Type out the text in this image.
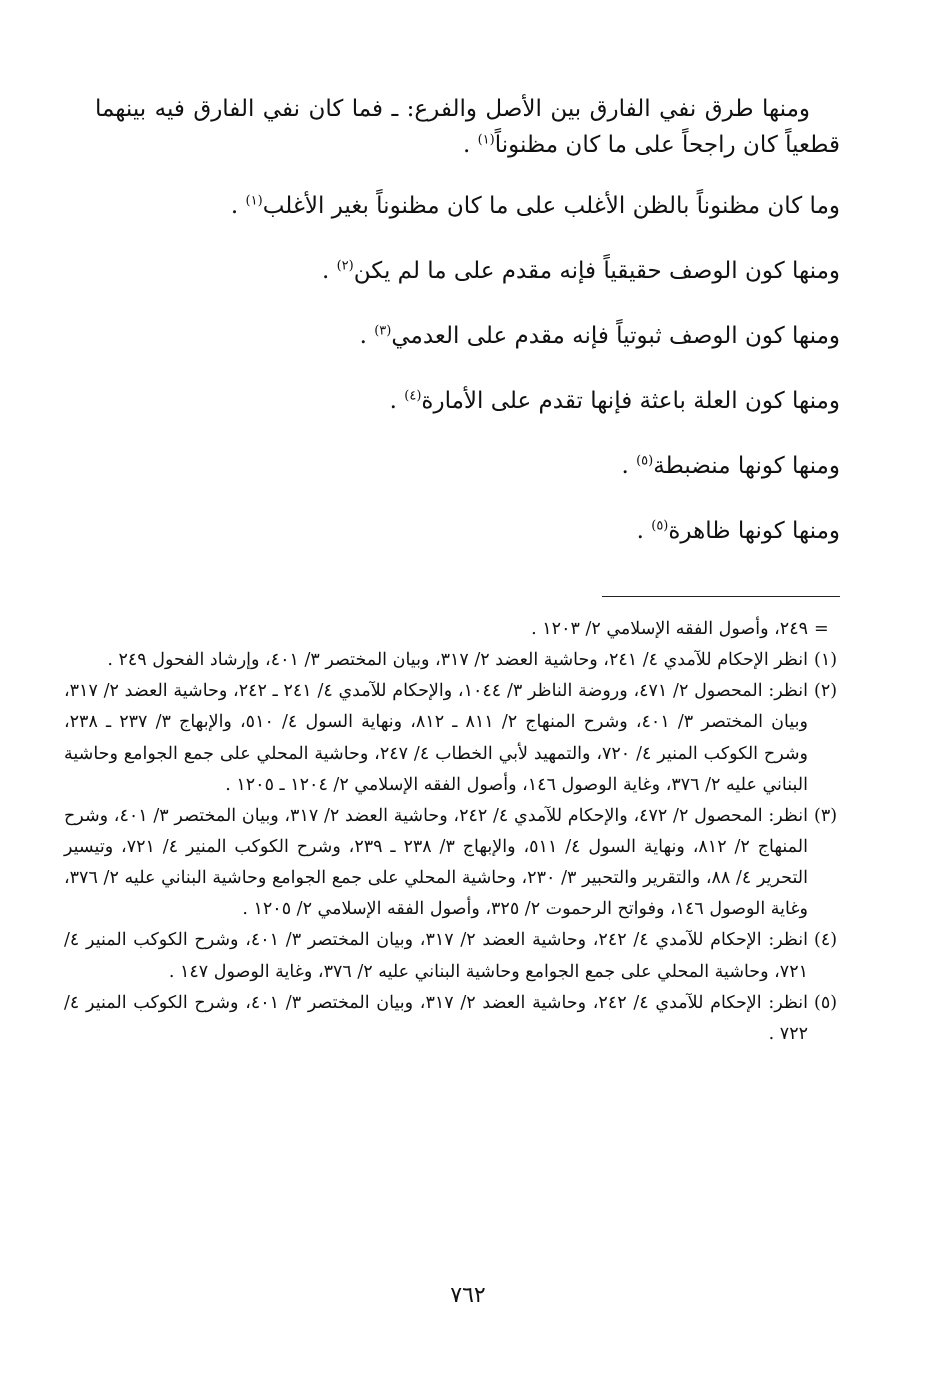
ومنها طرق نفي الفارق بين الأصل والفرع: ـ فما كان نفي الفارق فيه بينهما قطعياً كان راجحاً على ما كان مظنوناً$^{(١)}$ .

وما كان مظنوناً بالظن الأغلب على ما كان مظنوناً بغير الأغلب$^{(١)}$ .

ومنها كون الوصف حقيقياً فإنه مقدم على ما لم يكن$^{(٢)}$ .

ومنها كون الوصف ثبوتياً فإنه مقدم على العدمي$^{(٣)}$ .

ومنها كون العلة باعثة فإنها تقدم على الأمارة$^{(٤)}$ .

ومنها كونها منضبطة$^{(٥)}$ .

ومنها كونها ظاهرة$^{(٥)}$ .

=
٢٤٩، وأصول الفقه الإسلامي ٢/ ١٢٠٣ .
(١)
انظر الإحكام للآمدي ٤/ ٢٤١، وحاشية العضد ٢/ ٣١٧، وبيان المختصر ٣/ ٤٠١، وإرشاد الفحول ٢٤٩ .
(٢)
انظر: المحصول ٢/ ٤٧١، وروضة الناظر ٣/ ١٠٤٤، والإحكام للآمدي ٤/ ٢٤١ ـ ٢٤٢، وحاشية العضد ٢/ ٣١٧، وبيان المختصر ٣/ ٤٠١، وشرح المنهاج ٢/ ٨١١ ـ ٨١٢، ونهاية السول ٤/ ٥١٠، والإبهاج ٣/ ٢٣٧ ـ ٢٣٨، وشرح الكوكب المنير ٤/ ٧٢٠، والتمهيد لأبي الخطاب ٤/ ٢٤٧، وحاشية المحلي على جمع الجوامع وحاشية البناني عليه ٢/ ٣٧٦، وغاية الوصول ١٤٦، وأصول الفقه الإسلامي ٢/ ١٢٠٤ ـ ١٢٠٥ .
(٣)
انظر: المحصول ٢/ ٤٧٢، والإحكام للآمدي ٤/ ٢٤٢، وحاشية العضد ٢/ ٣١٧، وبيان المختصر ٣/ ٤٠١، وشرح المنهاج ٢/ ٨١٢، ونهاية السول ٤/ ٥١١، والإبهاج ٣/ ٢٣٨ ـ ٢٣٩، وشرح الكوكب المنير ٤/ ٧٢١، وتيسير التحرير ٤/ ٨٨، والتقرير والتحبير ٣/ ٢٣٠، وحاشية المحلي على جمع الجوامع وحاشية البناني عليه ٢/ ٣٧٦، وغاية الوصول ١٤٦، وفواتح الرحموت ٢/ ٣٢٥، وأصول الفقه الإسلامي ٢/ ١٢٠٥ .
(٤)
انظر: الإحكام للآمدي ٤/ ٢٤٢، وحاشية العضد ٢/ ٣١٧، وبيان المختصر ٣/ ٤٠١، وشرح الكوكب المنير ٤/ ٧٢١، وحاشية المحلي على جمع الجوامع وحاشية البناني عليه ٢/ ٣٧٦، وغاية الوصول ١٤٧ .
(٥)
انظر: الإحكام للآمدي ٤/ ٢٤٢، وحاشية العضد ٢/ ٣١٧، وبيان المختصر ٣/ ٤٠١، وشرح الكوكب المنير ٤/ ٧٢٢ .
٧٦٢
